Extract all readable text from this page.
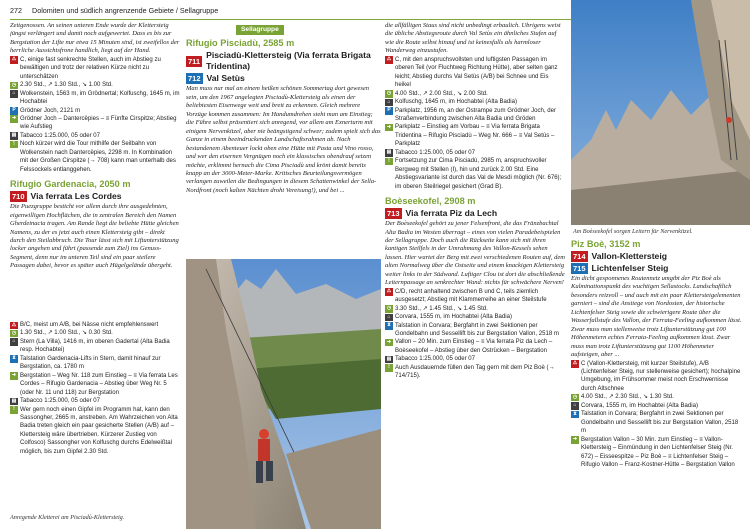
272 Dolomiten und südlich angrenzende Gebiete / Sellagruppe

Zeitgenossen. An seinen unteren Ende wurde der Klettersteig jüngst verlängert und damit noch aufgewertet. Dass es bis zur Bergstation der Lifte nur etwa 15 Minuten sind, ist zweifellos der herrliche Aussichtsfrone handlich, liegt auf der Hand.

⚠ C, einige fast senkrechte Stellen, auch im Abstieg zu bewältigen und trotz der relativen Kürze nicht zu unterschätzen
◷ 2.30 Std., ↗ 1.30 Std., ↘ 1.00 Std.
⌂ Wolkenstein, 1563 m, im Grödnertal; Kolfuschg, 1645 m, im Hochabtei
P Grödner Joch, 2121 m
➜ Grödner Joch – Dantercëpies – ≡ Fünfte Cirspitze; Abstieg wie Aufstieg
▤ Tabacco 1:25.000, 05 oder 07
! Noch kürzer wird die Tour mithilfe der Seilbahn von Wolkenstein nach Dantercëpies, 2298 m. In Kombination mit der Großen Cirspitze (→ 708) kann man unterhalb des Felssockels entlanggehen.
Rifugio Gardenacia, 2050 m
710 Via ferrata Les Cordes

Die Puezgruppe besticht vor allem durch ihre ausgedehnten, eigenwilligen Hochflächen, die in zentralen Bereich den Namen Gherdeinacia tragen. Am Rande liegt die beliebte Hütte gleichen Namens, zu der es jetzt auch einen Klettersteig gibt – direkt durch den Steilabbruch. Die Tour lässt sich mit Liftunterstützung locker angehen und führt (passende zum Ziel) ins Genuss-Segment, denn nur im unteren Teil sind ein paar steilere Passagen dabei, bevor es später auch Hügelgelände übergeht.

⚠ B/C, meist um A/B, bei Nässe nicht empfehlenswert
◷ 1.30 Std., ↗ 1.00 Std., ↘ 0.30 Std.
⌂ Stern (La Villa), 1416 m, im oberen Gadertal (Alta Badia resp. Hochabtei)
⧗ Talstation Gardenacia-Lifts in Stern, damit hinauf zur Bergstation, ca. 1780 m
➜ Bergstation – Weg Nr. 118 zum Einstieg – ≡ Via ferrata Les Cordes – Rifugio Gardenacia – Abstieg über Weg Nr. 5 (oder Nr. 11 und 118) zur Bergstation
▤ Tabacco 1:25.000, 05 oder 07
! Wer gern noch einen Gipfel im Programm hat, kann den Sassongher, 2665 m, anstreben. Am Wahrzeichen von Alta Badia treten gleich ein paar gesicherte Stellen (A/B) auf – Klettersteig wäre übertrieben. Kürzerer Zustieg von Colfosco) Sassongher von Kolfuschg durchs Edelweißtal möglich, bis zum Gipfel 2.30 Std.
Anregende Kletterei am Pisciadù-Klettersteig.
Sellagruppe
Rifugio Pisciadù, 2585 m
711
Pisciadù-Klettersteig (Via ferrata Brigata Tridentina)
712 Val Setùs

Man muss nur mal an einem heißen schönen Sommertag dort gewesen sein, um den 1967 angelegten Pisciadù-Klettersteig als einen der beliebtesten Eisenwege weit und breit zu erkennen. Gleich mehrere Vorzüge kommen zusammen: Im Handumdrehen steht man am Einstieg; die Führe selbst präsentiert sich anregend, vor allem am Exnerturm mit einigem Nervenkitzel, aber nie beängstigend schwer; zudem spielt sich das Ganze in einem beeindruckenden Landschaftsrahmen ab. Nach bestandenem Abenteuer lockt oben eine Hütte mit Pasta und Vino rosso, und wer den eisernen Vergnügen noch ein klassisches obendrauf setzen möchte, erklimmt hernach die Cima Pisciadù und krönt damit bereits knapp an der 3000-Meter-Marke. Kritisches Beurteilungsvermögen verlangen zuweilen die Bedingungen in diesem Schattenwinkel der Sella-Nordfront (noch kalten Nächten droht Vereisung!), und bei ...

die allfälligen Staus sind nicht unbedingt erbaulich. Übrigens weist die übliche Abstiegsroute durch Val Setùs ein ähnliches Stufen auf wie die Route selbst hinauf und ist keinesfalls als harmloser Wanderweg einzustufen.

⚠ C, mit den anspruchsvollsten und luftigsten Passagen im oberen Teil (vor Fluchtweg Richtung Hütte), aber selten ganz leicht; Abstieg durchs Val Setùs (A/B) bei Schnee und Eis heikel
◷ 4.00 Std., ↗ 2.00 Std., ↘ 2.00 Std.
⌂ Kolfuschg, 1645 m, im Hochabtei (Alta Badia)
P Parkplatz, 1956 m, an der Ostrampe zum Grödner Joch, der Straßenverbindung zwischen Alta Badia und Gröden
➜ Parkplatz – Einstieg am Vorbau – ≡ Via ferrata Brigata Tridentina – Rifugio Pisciadù – Weg Nr. 666 – ≡ Val Setùs – Parkplatz
▤ Tabacco 1:25.000, 05 oder 07
! Fortsetzung zur Cima Pisciadù, 2985 m, anspruchsvoller Bergweg mit Stellen (I), hin und zurück 2.00 Std. Eine Abstiegsvariante ist durch das Val de Mesdi möglich (Nr. 676); im oberen Steilriegel gesichert (Grad B).
Boèseekofel, 2908 m
713 Via ferrata Piz da Lech

Der Boèseekofel gehört zu jener Felsenfront, die das Fränzbachtal Alta Badia im Westen überragt – eines von vielen Paradebeispielen der Sellagruppe. Doch auch die Rückseite kann sich mit ihren kantigen Steilfels in der Umrahmung des Vallon-Kessels sehen lassen. Hier wartet der Berg mit zwei verschiedenen Routen auf, dem alten Normalweg über die Ostseite und einem knackigen Klettersteig weiter links in der Südwand. Luftiger Clou ist dort die abschließende Leiternpassage an senkrechter Wand: nichts für schwächere Nerven!

⚠ C/D, recht anhaltend zwischen B und C, teils ziemlich ausgesetzt; Abstieg mit Klammerreihe an einer Steilstufe
◷ 3.30 Std., ↗ 1.45 Std., ↘ 1.45 Std.
⌂ Corvara, 1555 m, im Hochabtei (Alta Badia)
⧗ Talstation in Corvara; Bergfahrt in zwei Sektionen per Gondelbahn und Sessellift bis zur Bergstation Vallon, 2518 m
➜ Vallon – 20 Min. zum Einstieg – ≡ Via ferrata Piz da Lech – Boèseekofel – Abstieg über den Ostrücken – Bergstation
▤ Tabacco 1:25.000, 05 oder 07
! Auch Ausdauernde füllen den Tag gern mit dem Piz Boè (→ 714/715).
Am Boèseekofel sorgen Leitern für Nervenkitzel.
Piz Boè, 3152 m
714 Vallon-Klettersteig
715 Lichtenfelser Steig

Ein dicht gesponnenes Routennetz umgibt der Piz Boè als Kulminationspunkt des wuchtigen Sellastocks. Landschaftlich besonders reizvoll – und auch mit ein paar Klettersteigelementen garniert – sind die Anstiege von Nordosten, der historische Lichtenfelser Steig sowie die schwierigere Route über die Wasserfallstufe des Vallon, der Ferrata-Feeling aufkommen lässt. Zwar muss man stellenweise trotz Liftunterstützung gut 100 Höhenmetern echtes Ferrata-Feeling aufkommen lässt. Zwar muss man trotz Liftunterstützung gut 1100 Höhenmeter aufsteigen, aber ...

⚠ C (Vallon-Klettersteig, mit kurzer Steilstufe), A/B (Lichtenfelser Steig, nur stellenweise gesichert); hochalpine Umgebung, im Frühsommer meist noch Erschwernisse durch Altschnee
◷ 4.00 Std., ↗ 2.30 Std., ↘ 1.30 Std.
⌂ Corvara, 1555 m, im Hochabtei (Alta Badia)
⧗ Talstation in Corvara; Bergfahrt in zwei Sektionen per Gondelbahn und Sessellift bis zur Bergstation Vallon, 2518 m
➜ Bergstation Vallon – 30 Min. zum Einstieg – ≡ Vallon-Klettersteig – Einmündung in den Lichtenfelser Steig (Nr. 672) – Eisseespitze – Piz Boè – ≡ Lichtenfelser Steig – Rifugio Vallon – Franz-Kostner-Hütte – Bergstation Vallon
